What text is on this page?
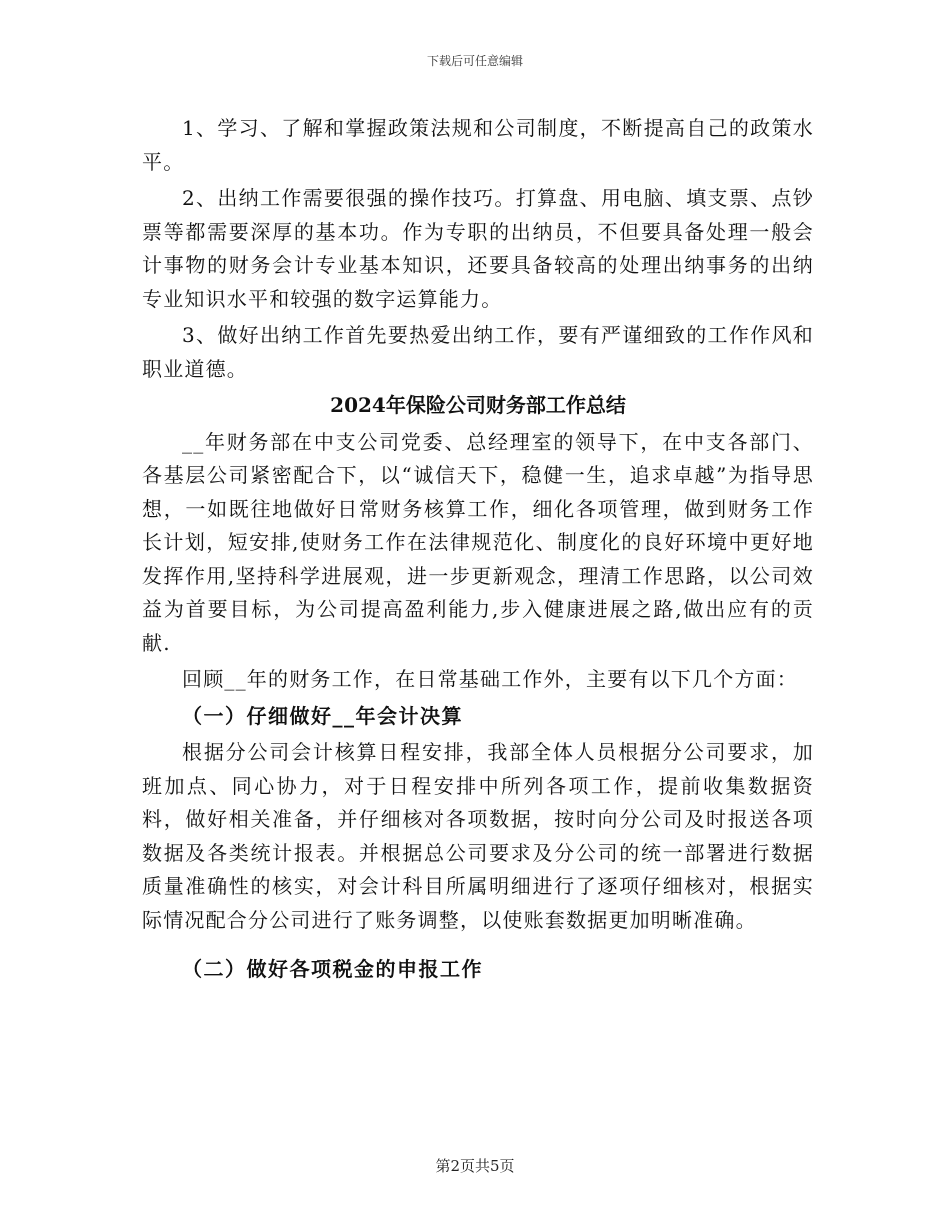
下载后可任意编辑

1、学习、了解和掌握政策法规和公司制度，不断提高自己的政策水平。

2、出纳工作需要很强的操作技巧。打算盘、用电脑、填支票、点钞票等都需要深厚的基本功。作为专职的出纳员，不但要具备处理一般会计事物的财务会计专业基本知识，还要具备较高的处理出纳事务的出纳专业知识水平和较强的数字运算能力。

3、做好出纳工作首先要热爱出纳工作，要有严谨细致的工作作风和职业道德。

2024年保险公司财务部工作总结

__年财务部在中支公司党委、总经理室的领导下，在中支各部门、各基层公司紧密配合下，以“诚信天下，稳健一生，追求卓越”为指导思想，一如既往地做好日常财务核算工作，细化各项管理，做到财务工作长计划，短安排,使财务工作在法律规范化、制度化的良好环境中更好地发挥作用,坚持科学进展观，进一步更新观念，理清工作思路，以公司效益为首要目标，为公司提高盈利能力,步入健康进展之路,做出应有的贡献.

回顾__年的财务工作，在日常基础工作外，主要有以下几个方面：

（一）仔细做好__年会计决算

根据分公司会计核算日程安排，我部全体人员根据分公司要求，加班加点、同心协力，对于日程安排中所列各项工作，提前收集数据资料，做好相关准备，并仔细核对各项数据，按时向分公司及时报送各项数据及各类统计报表。并根据总公司要求及分公司的统一部署进行数据质量准确性的核实，对会计科目所属明细进行了逐项仔细核对，根据实际情况配合分公司进行了账务调整，以使账套数据更加明晰准确。

（二）做好各项税金的申报工作
第2页共5页
